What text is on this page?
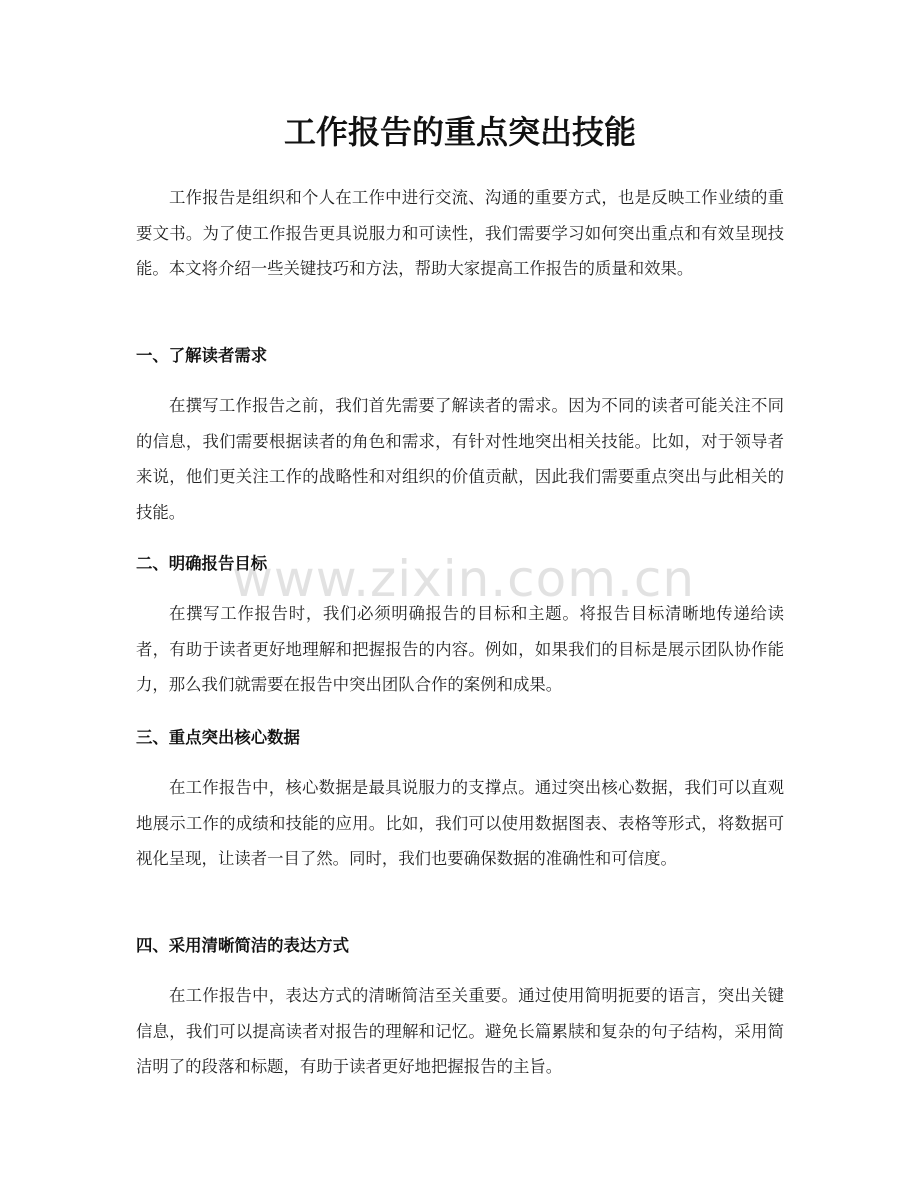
工作报告的重点突出技能

工作报告是组织和个人在工作中进行交流、沟通的重要方式，也是反映工作业绩的重要文书。为了使工作报告更具说服力和可读性，我们需要学习如何突出重点和有效呈现技能。本文将介绍一些关键技巧和方法，帮助大家提高工作报告的质量和效果。

一、了解读者需求

在撰写工作报告之前，我们首先需要了解读者的需求。因为不同的读者可能关注不同的信息，我们需要根据读者的角色和需求，有针对性地突出相关技能。比如，对于领导者来说，他们更关注工作的战略性和对组织的价值贡献，因此我们需要重点突出与此相关的技能。

二、明确报告目标

在撰写工作报告时，我们必须明确报告的目标和主题。将报告目标清晰地传递给读者，有助于读者更好地理解和把握报告的内容。例如，如果我们的目标是展示团队协作能力，那么我们就需要在报告中突出团队合作的案例和成果。

三、重点突出核心数据

在工作报告中，核心数据是最具说服力的支撑点。通过突出核心数据，我们可以直观地展示工作的成绩和技能的应用。比如，我们可以使用数据图表、表格等形式，将数据可视化呈现，让读者一目了然。同时，我们也要确保数据的准确性和可信度。

四、采用清晰简洁的表达方式

在工作报告中，表达方式的清晰简洁至关重要。通过使用简明扼要的语言，突出关键信息，我们可以提高读者对报告的理解和记忆。避免长篇累牍和复杂的句子结构，采用简洁明了的段落和标题，有助于读者更好地把握报告的主旨。

www.zixin.com.cn
